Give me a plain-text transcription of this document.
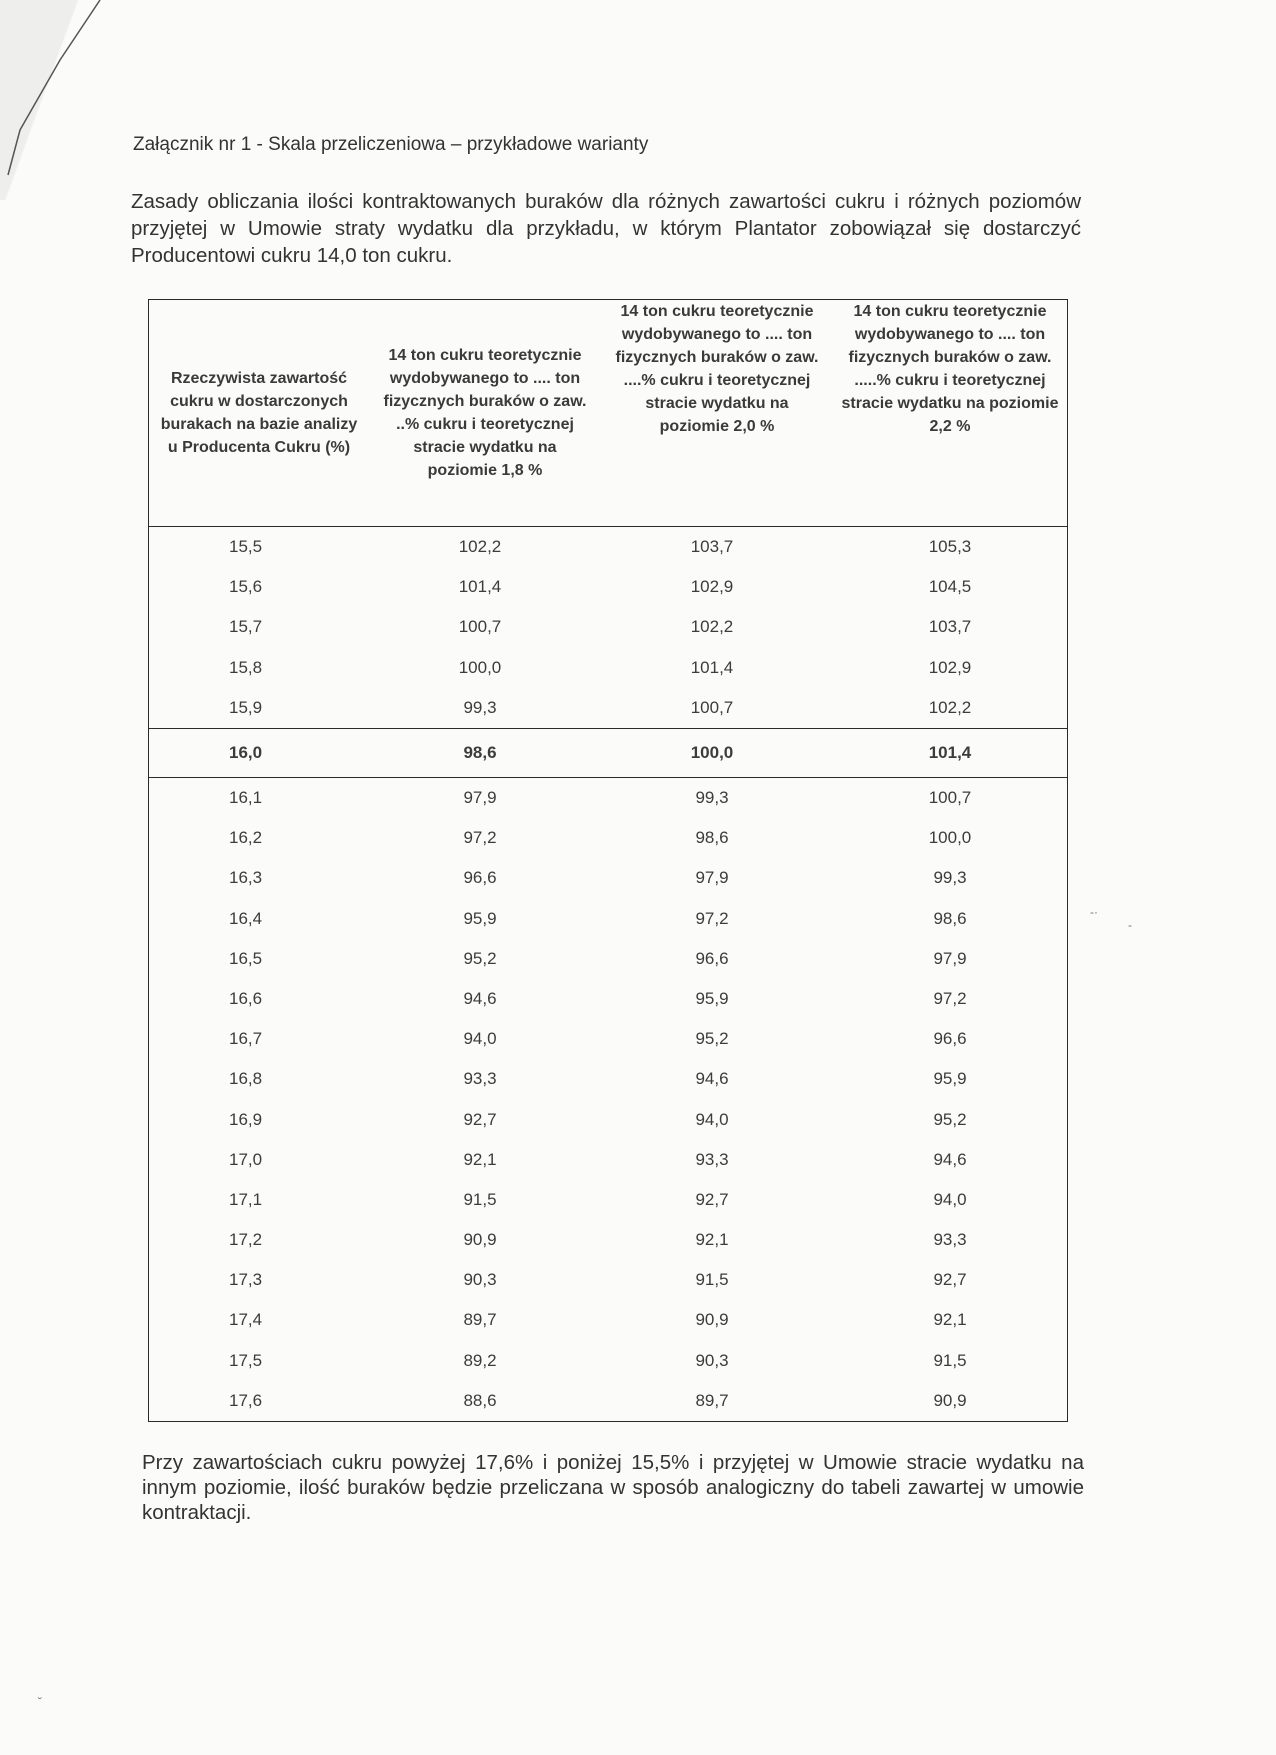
Załącznik nr 1 - Skala przeliczeniowa – przykładowe warianty
Zasady obliczania ilości kontraktowanych buraków dla różnych zawartości cukru i różnych poziomów przyjętej w Umowie straty wydatku dla przykładu, w którym Plantator zobowiązał się dostarczyć Producentowi cukru 14,0 ton cukru.
Rzeczywista zawartość cukru w dostarczonych burakach na bazie analizy u Producenta Cukru (%)	14 ton cukru teoretycznie wydobywanego to .... ton fizycznych buraków o zaw. ..% cukru i teoretycznej stracie wydatku na poziomie 1,8 %	14 ton cukru teoretycznie wydobywanego to .... ton fizycznych buraków o zaw. ....% cukru i teoretycznej stracie wydatku na poziomie 2,0 %	14 ton cukru teoretycznie wydobywanego to .... ton fizycznych buraków o zaw. .....% cukru i teoretycznej stracie wydatku na poziomie 2,2 %
15,5	102,2	103,7	105,3
15,6	101,4	102,9	104,5
15,7	100,7	102,2	103,7
15,8	100,0	101,4	102,9
15,9	99,3	100,7	102,2
16,0	98,6	100,0	101,4
16,1	97,9	99,3	100,7
16,2	97,2	98,6	100,0
16,3	96,6	97,9	99,3
16,4	95,9	97,2	98,6
16,5	95,2	96,6	97,9
16,6	94,6	95,9	97,2
16,7	94,0	95,2	96,6
16,8	93,3	94,6	95,9
16,9	92,7	94,0	95,2
17,0	92,1	93,3	94,6
17,1	91,5	92,7	94,0
17,2	90,9	92,1	93,3
17,3	90,3	91,5	92,7
17,4	89,7	90,9	92,1
17,5	89,2	90,3	91,5
17,6	88,6	89,7	90,9
Przy zawartościach cukru powyżej 17,6% i poniżej 15,5% i przyjętej w Umowie stracie wydatku na innym poziomie, ilość buraków będzie przeliczana w sposób analogiczny do tabeli zawartej w umowie kontraktacji.
-·
-
˘
